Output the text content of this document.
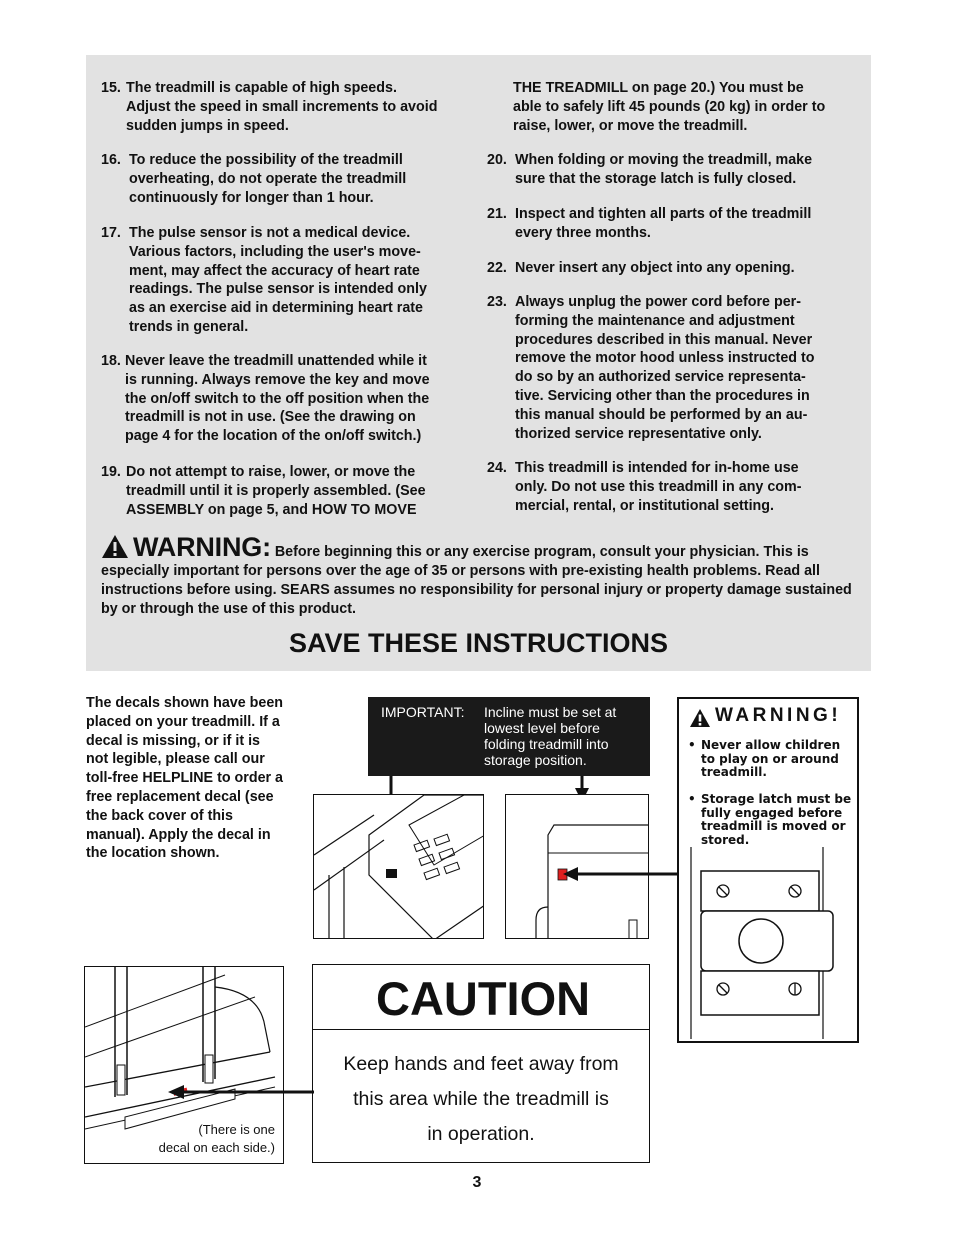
15. The treadmill is capable of high speeds.
Adjust the speed in small increments to avoid
sudden jumps in speed.
16. To reduce the possibility of the treadmill
overheating, do not operate the treadmill
continuously for longer than 1 hour.
17. The pulse sensor is not a medical device.
Various factors, including the user's move-
ment, may affect the accuracy of heart rate
readings. The pulse sensor is intended only
as an exercise aid in determining heart rate
trends in general.
18. Never leave the treadmill unattended while it
is running. Always remove the key and move
the on/off switch to the off position when the
treadmill is not in use. (See the drawing on
page 4 for the location of the on/off switch.)
19. Do not attempt to raise, lower, or move the
treadmill until it is properly assembled. (See
ASSEMBLY on page 5, and HOW TO MOVE
THE TREADMILL on page 20.) You must be
able to safely lift 45 pounds (20 kg) in order to
raise, lower, or move the treadmill.
20. When folding or moving the treadmill, make
sure that the storage latch is fully closed.
21. Inspect and tighten all parts of the treadmill
every three months.
22. Never insert any object into any opening.
23. Always unplug the power cord before per-
forming the maintenance and adjustment
procedures described in this manual. Never
remove the motor hood unless instructed to
do so by an authorized service representa-
tive. Servicing other than the procedures in
this manual should be performed by an au-
thorized service representative only.
24. This treadmill is intended for in-home use
only. Do not use this treadmill in any com-
mercial, rental, or institutional setting.
WARNING: Before beginning this or any exercise program, consult your physician. This is especially important for persons over the age of 35 or persons with pre-existing health problems. Read all instructions before using. SEARS assumes no responsibility for personal injury or property damage sustained by or through the use of this product.
SAVE THESE INSTRUCTIONS
The decals shown have been
placed on your treadmill. If a
decal is missing, or if it is
not legible, please call our
toll-free HELPLINE to order a
free replacement decal (see
the back cover of this
manual). Apply the decal in
the location shown.
IMPORTANT: Incline must be set at
lowest level before
folding treadmill into
storage position.
WARNING!
• Never allow children
to play on or around
treadmill.
• Storage latch must be
fully engaged before
treadmill is moved or
stored.
(There is one
decal on each side.)
CAUTION
Keep hands and feet away from
this area while the treadmill is
in operation.
3
